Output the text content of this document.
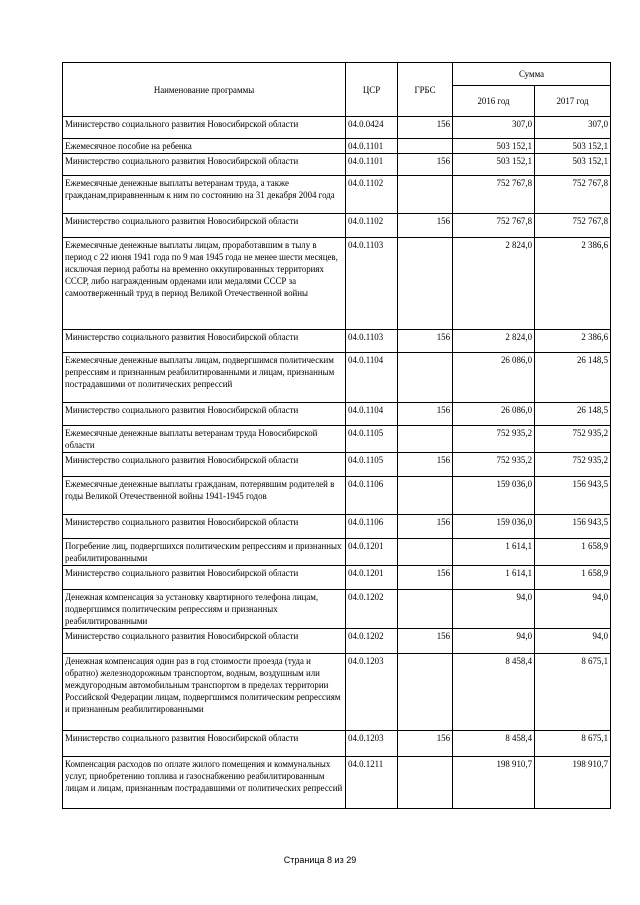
Наименование программы	ЦСР	ГРБС	Сумма	
			2016 год	2017 год
Министерство социального развития Новосибирской области	04.0.0424	156	307,0	307,0
Ежемесячное пособие на ребенка	04.0.1101		503 152,1	503 152,1
Министерство социального развития Новосибирской области	04.0.1101	156	503 152,1	503 152,1
Ежемесячные денежные выплаты ветеранам труда, а также гражданам,приравненным к ним по состоянию на 31 декабря 2004 года	04.0.1102		752 767,8	752 767,8
Министерство социального развития Новосибирской области	04.0.1102	156	752 767,8	752 767,8
Ежемесячные денежные выплаты лицам, проработавшим в тылу в период с 22 июня 1941 года по 9 мая 1945 года не менее шести месяцев, исключая период работы на временно оккупированных территориях СССР, либо награжденным орденами или медалями СССР за самоотверженный труд в период Великой Отечественной войны	04.0.1103		2 824,0	2 386,6
Министерство социального развития Новосибирской области	04.0.1103	156	2 824,0	2 386,6
Ежемесячные денежные выплаты лицам, подвергшимся политическим репрессиям и признанным реабилитированными и лицам, признанным пострадавшими от политических репрессий	04.0.1104		26 086,0	26 148,5
Министерство социального развития Новосибирской области	04.0.1104	156	26 086,0	26 148,5
Ежемесячные денежные выплаты ветеранам труда Новосибирской области	04.0.1105		752 935,2	752 935,2
Министерство социального развития Новосибирской области	04.0.1105	156	752 935,2	752 935,2
Ежемесячные денежные выплаты гражданам, потерявшим родителей в годы Великой Отечественной войны 1941-1945 годов	04.0.1106		159 036,0	156 943,5
Министерство социального развития Новосибирской области	04.0.1106	156	159 036,0	156 943,5
Погребение лиц, подвергшихся политическим репрессиям и признанных реабилитированными	04.0.1201		1 614,1	1 658,9
Министерство социального развития Новосибирской области	04.0.1201	156	1 614,1	1 658,9
Денежная компенсация за установку квартирного телефона лицам, подвергшимся политическим репрессиям и признанных реабилитированными	04.0.1202		94,0	94,0
Министерство социального развития Новосибирской области	04.0.1202	156	94,0	94,0
Денежная компенсация один раз в год стоимости проезда (туда и обратно) железнодорожным транспортом, водным, воздушным или междугородным автомобильным транспортом в пределах территории Российской Федерации лицам, подвергшимся политическим репрессиям и признанным реабилитированными	04.0.1203		8 458,4	8 675,1
Министерство социального развития Новосибирской области	04.0.1203	156	8 458,4	8 675,1
Компенсация расходов по оплате жилого помещения и коммунальных услуг, приобретению топлива и газоснабжению реабилитированным лицам и лицам, признанным пострадавшими от политических репрессий	04.0.1211		198 910,7	198 910,7
Страница 8 из 29
